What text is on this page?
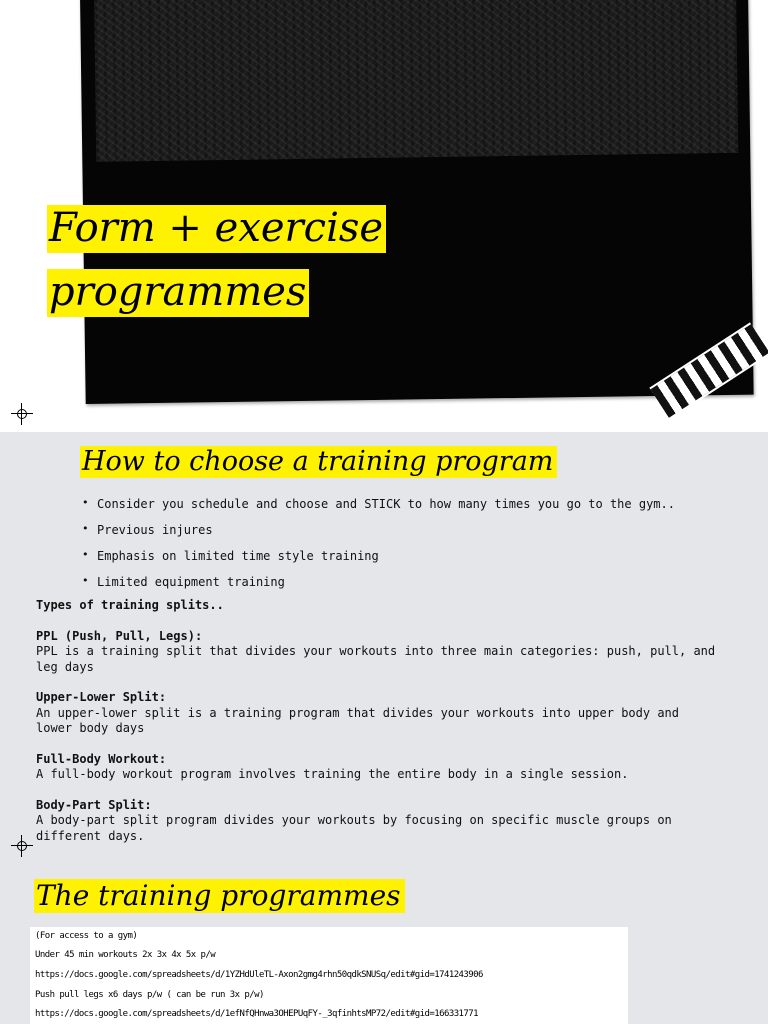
Form + exercise
programmes
How to choose a training program
• Consider you schedule and choose and STICK to how many times you go to the gym..
• Previous injures
• Emphasis on limited time style training
• Limited equipment training
Types of training splits..
PPL (Push, Pull, Legs):
PPL is a training split that divides your workouts into three main categories: push, pull, and leg days
Upper-Lower Split:
An upper-lower split is a training program that divides your workouts into upper body and lower body days
Full-Body Workout:
A full-body workout program involves training the entire body in a single session.
Body-Part Split:
A body-part split program divides your workouts by focusing on specific muscle groups on different days.
The training programmes
(For access to a gym)
Under 45 min workouts 2x 3x 4x 5x p/w
https://docs.google.com/spreadsheets/d/1YZHdUleTL-Axon2gmg4rhn50qdkSNUSq/edit#gid=1741243906
Push pull legs x6 days p/w ( can be run 3x p/w)
https://docs.google.com/spreadsheets/d/1efNfQHnwa3OHEPUqFY-_3qfinhtsMP72/edit#gid=166331771
